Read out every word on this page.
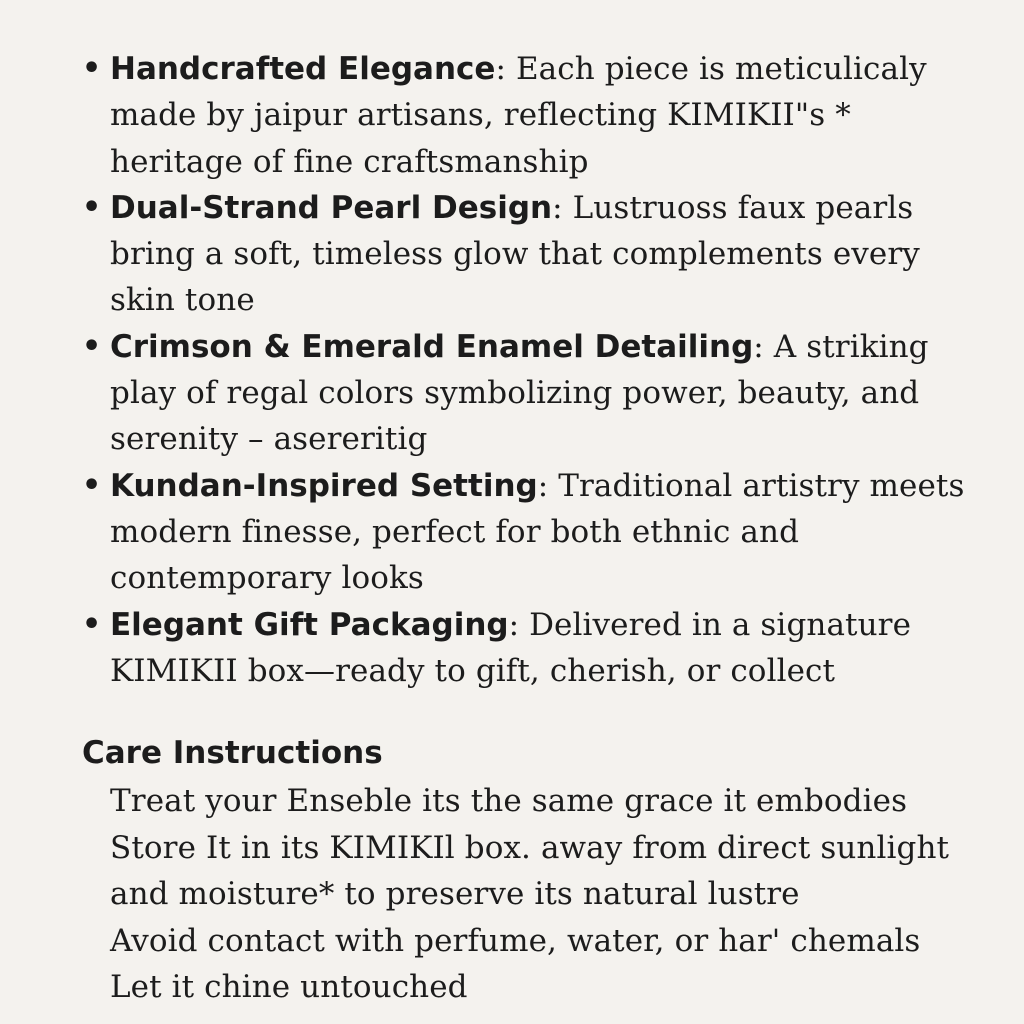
• Handcrafted Elegance: Each piece is meticulicaly made by jaipur artisans, reflecting KIMIKII"s * heritage of fine craftsmanship
• Dual-Strand Pearl Design: Lustruoss faux pearls bring a soft, timeless glow that complements every skin tone
• Crimson & Emerald Enamel Detailing: A striking play of regal colors symbolizing power, beauty, and serenity – asereritig
• Kundan-Inspired Setting: Traditional artistry meets modern finesse, perfect for both ethnic and contemporary looks
• Elegant Gift Packaging: Delivered in a signature KIMIKII box—ready to gift, cherish, or collect
Care Instructions
Treat your Enseble its the same grace it embodies
Store It in its KIMIKIl box. away from direct sunlight
and moisture* to preserve its natural lustre
Avoid contact with perfume, water, or har' chemals
Let it chine untouched
